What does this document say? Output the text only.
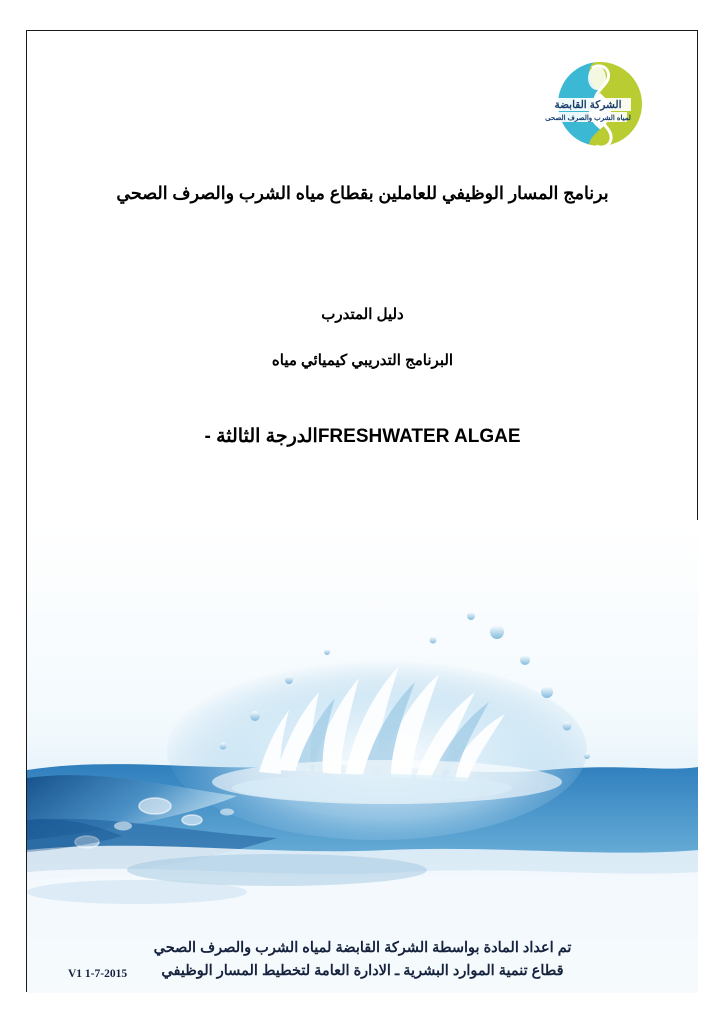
الشركة القابضة
لمياه الشرب والصرف الصحى
برنامج المسار الوظيفي للعاملين بقطاع مياه الشرب والصرف الصحي
دليل المتدرب
البرنامج التدريبي كيميائي مياه
FRESHWATER ALGAEالدرجة الثالثة -
تم اعداد المادة بواسطة الشركة القابضة لمياه الشرب والصرف الصحي
قطاع تنمية الموارد البشرية ـ الادارة العامة لتخطيط المسار الوظيفي
V1 1-7-2015
